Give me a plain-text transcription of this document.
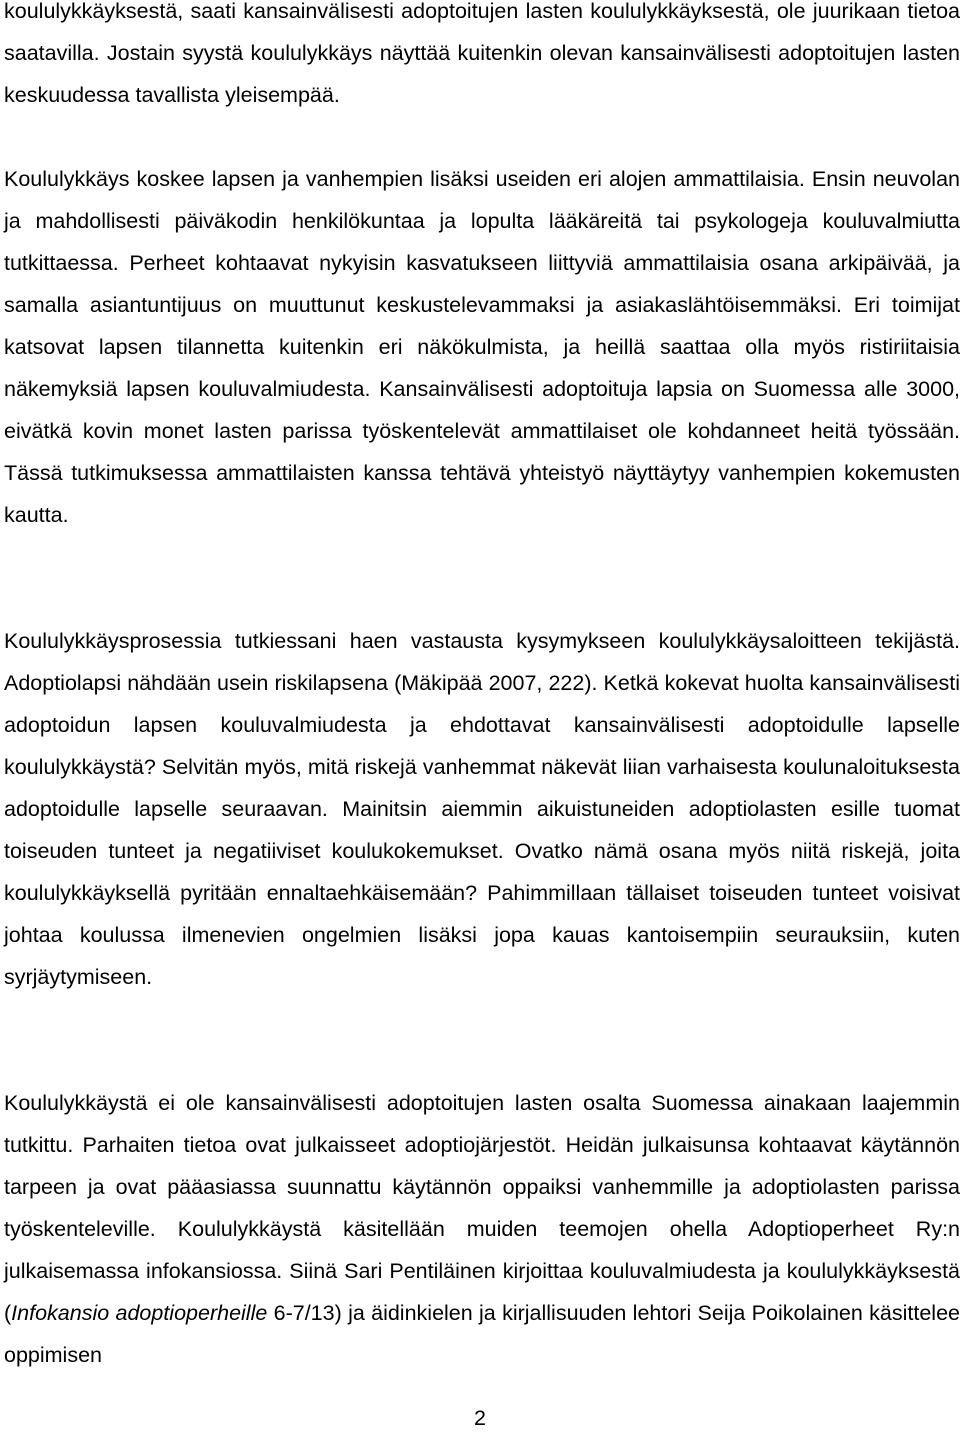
koululykkäyksestä, saati kansainvälisesti adoptoitujen lasten koululykkäyksestä, ole juurikaan tietoa saatavilla. Jostain syystä koululykkäys näyttää kuitenkin olevan kansainvälisesti adoptoitujen lasten keskuudessa tavallista yleisempää.

Koululykkäys koskee lapsen ja vanhempien lisäksi useiden eri alojen ammattilaisia. Ensin neuvolan ja mahdollisesti päiväkodin henkilökuntaa ja lopulta lääkäreitä tai psykologeja kouluvalmiutta tutkittaessa. Perheet kohtaavat nykyisin kasvatukseen liittyviä ammattilaisia osana arkipäivää, ja samalla asiantuntijuus on muuttunut keskustelevammaksi ja asiakaslähtöisemmäksi. Eri toimijat katsovat lapsen tilannetta kuitenkin eri näkökulmista, ja heillä saattaa olla myös ristiriitaisia näkemyksiä lapsen kouluvalmiudesta. Kansainvälisesti adoptoituja lapsia on Suomessa alle 3000, eivätkä kovin monet lasten parissa työskentelevät ammattilaiset ole kohdanneet heitä työssään. Tässä tutkimuksessa ammattilaisten kanssa tehtävä yhteistyö näyttäytyy vanhempien kokemusten kautta.

Koululykkäysprosessia tutkiessani haen vastausta kysymykseen koululykkäysaloitteen tekijästä. Adoptiolapsi nähdään usein riskilapsena (Mäkipää 2007, 222). Ketkä kokevat huolta kansainvälisesti adoptoidun lapsen kouluvalmiudesta ja ehdottavat kansainvälisesti adoptoidulle lapselle koululykkäystä? Selvitän myös, mitä riskejä vanhemmat näkevät liian varhaisesta koulunaloituksesta adoptoidulle lapselle seuraavan. Mainitsin aiemmin aikuistuneiden adoptiolasten esille tuomat toiseuden tunteet ja negatiiviset koulukokemukset. Ovatko nämä osana myös niitä riskejä, joita koululykkäyksellä pyritään ennaltaehkäisemään? Pahimmillaan tällaiset toiseuden tunteet voisivat johtaa koulussa ilmenevien ongelmien lisäksi jopa kauas kantoisempiin seurauksiin, kuten syrjäytymiseen.

Koululykkäystä ei ole kansainvälisesti adoptoitujen lasten osalta Suomessa ainakaan laajemmin tutkittu. Parhaiten tietoa ovat julkaisseet adoptiojärjestöt. Heidän julkaisunsa kohtaavat käytännön tarpeen ja ovat pääasiassa suunnattu käytännön oppaiksi vanhemmille ja adoptiolasten parissa työskenteleville. Koululykkäystä käsitellään muiden teemojen ohella Adoptioperheet Ry:n julkaisemassa infokansiossa. Siinä Sari Pentiläinen kirjoittaa kouluvalmiudesta ja koululykkäyksestä (Infokansio adoptioperheille 6-7/13) ja äidinkielen ja kirjallisuuden lehtori Seija Poikolainen käsittelee oppimisen

2
